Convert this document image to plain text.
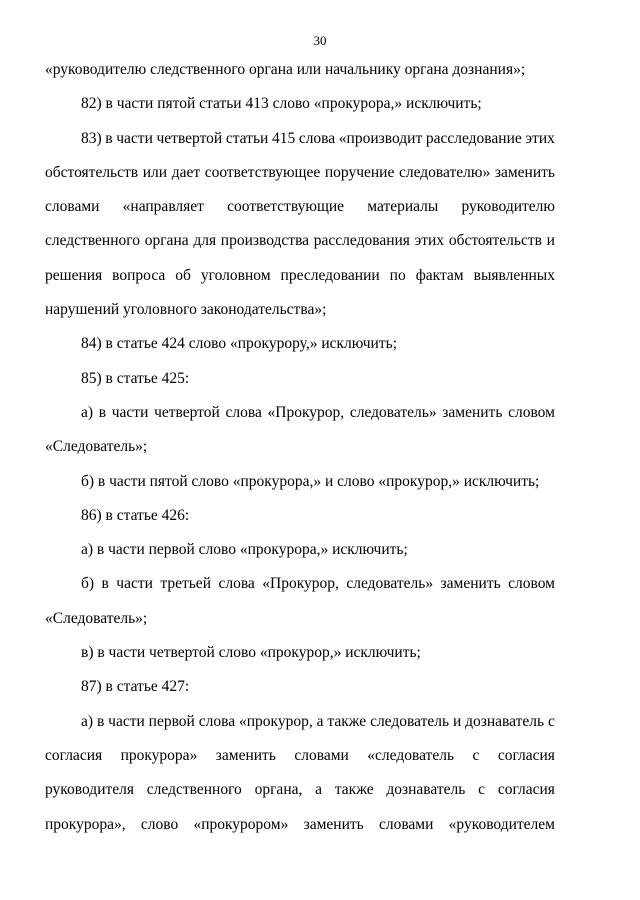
30
«руководителю следственного органа или начальнику органа дознания»;
82) в части пятой статьи 413 слово «прокурора,» исключить;
83) в части четвертой статьи 415 слова «производит расследование этих
обстоятельств или дает соответствующее поручение следователю» заменить
словами «направляет соответствующие материалы руководителю
следственного органа для производства расследования этих обстоятельств и
решения вопроса об уголовном преследовании по фактам выявленных
нарушений уголовного законодательства»;
84) в статье 424 слово «прокурору,» исключить;
85) в статье 425:
а) в части четвертой слова «Прокурор, следователь» заменить словом
«Следователь»;
б) в части пятой слово «прокурора,» и слово «прокурор,» исключить;
86) в статье 426:
а) в части первой слово «прокурора,» исключить;
б) в части третьей слова «Прокурор, следователь» заменить словом
«Следователь»;
в) в части четвертой слово «прокурор,» исключить;
87) в статье 427:
а) в части первой слова «прокурор, а также следователь и дознаватель с
согласия прокурора» заменить словами «следователь с согласия
руководителя следственного органа, а также дознаватель с согласия
прокурора», слово «прокурором» заменить словами «руководителем
